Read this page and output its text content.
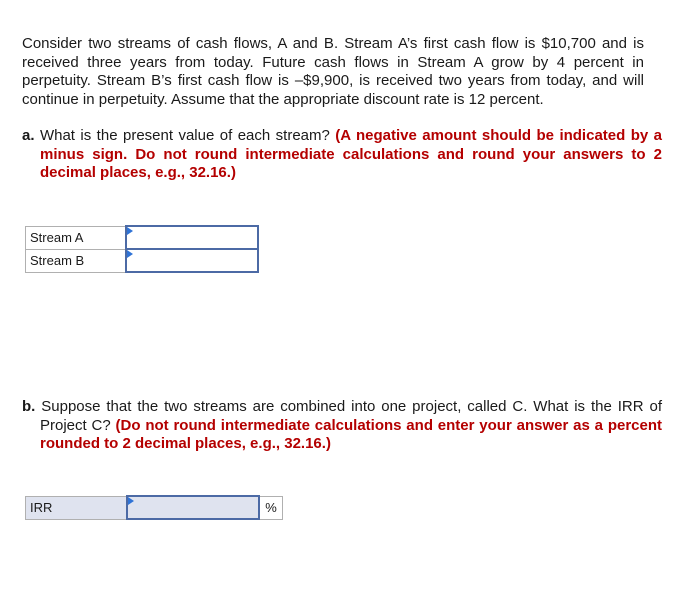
Consider two streams of cash flows, A and B. Stream A’s first cash flow is $10,700 and is received three years from today. Future cash flows in Stream A grow by 4 percent in perpetuity. Stream B’s first cash flow is –$9,900, is received two years from today, and will continue in perpetuity. Assume that the appropriate discount rate is 12 percent.

a. What is the present value of each stream? (A negative amount should be indicated by a minus sign. Do not round intermediate calculations and round your answers to 2 decimal places, e.g., 32.16.)

Stream A	

Stream B	

b. Suppose that the two streams are combined into one project, called C. What is the IRR of Project C? (Do not round intermediate calculations and enter your answer as a percent rounded to 2 decimal places, e.g., 32.16.)

IRR		%
